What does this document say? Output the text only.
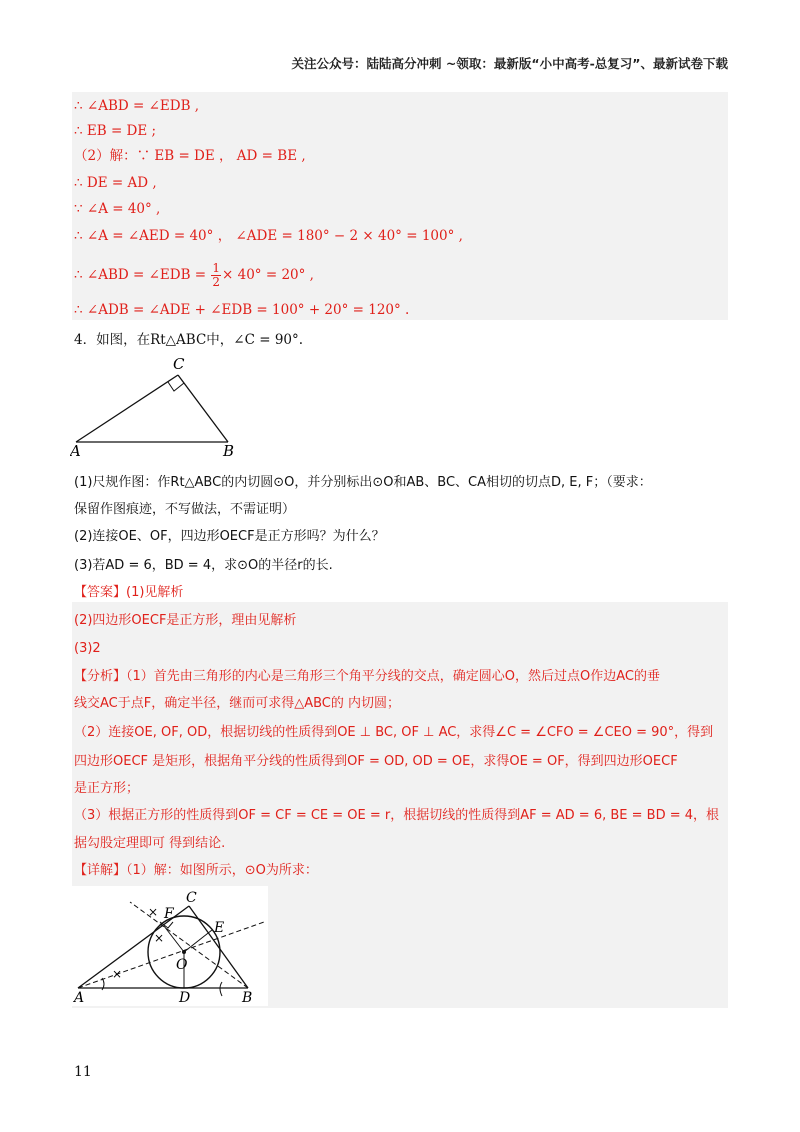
关注公众号：陆陆高分冲刺 ~领取：最新版“小中高考-总复习”、最新试卷下载
∴ ∠ABD = ∠EDB ,
∴ EB = DE ;
（2）解：∵ EB = DE ， AD = BE ,
∴ DE = AD ,
∵ ∠A = 40° ,
∴ ∠A = ∠AED = 40° ， ∠ADE = 180° − 2 × 40° = 100° ,
∴ ∠ABD = ∠EDB = $\frac{1}{2} \times 40^\circ = 20^\circ$ ,
∴ ∠ADB = ∠ADE + ∠EDB = 100° + 20° = 120° .
4．如图，在Rt△ABC中，∠C = 90°.
A	B
C
(1)尺规作图：作Rt△ABC的内切圆⊙O，并分别标出⊙O和AB、BC、CA相切的切点D, E, F；（要求：
保留作图痕迹，不写做法，不需证明）
(2)连接OE、OF，四边形OECF是正方形吗？为什么？
(3)若AD = 6，BD = 4，求⊙O的半径r的长.
【答案】(1)见解析
(2)四边形OECF是正方形，理由见解析
(3)2
【分析】（1）首先由三角形的内心是三角形三个角平分线的交点，确定圆心O，然后过点O作边AC的垂
线交AC于点F，确定半径，继而可求得△ABC的 内切圆；
（2）连接OE, OF, OD，根据切线的性质得到OE ⊥ BC, OF ⊥ AC，求得∠C = ∠CFO = ∠CEO = 90°，得到
四边形OECF 是矩形，根据角平分线的性质得到OF = OD, OD = OE，求得OE = OF，得到四边形OECF
是正方形；
（3）根据正方形的性质得到OF = CF = CE = OE = r，根据切线的性质得到AF = AD = 6, BE = BD = 4，根
据勾股定理即可 得到结论.
【详解】（1）解：如图所示，⊙O为所求：
×
×
×
A	B
C
D
E
F
O
11
